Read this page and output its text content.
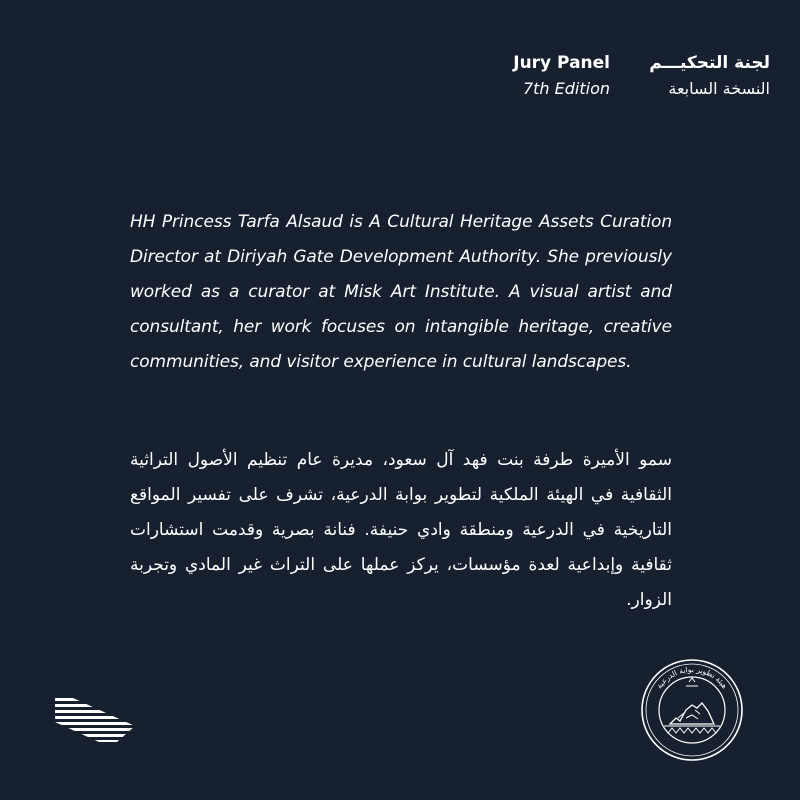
Jury Panel
7th Edition
لجنة التحكيـــم
النسخة السابعة

HH Princess Tarfa Alsaud is A Cultural Heritage Assets Curation Director at Diriyah Gate Development Authority. She previously worked as a curator at Misk Art Institute. A visual artist and consultant, her work focuses on intangible heritage, creative communities, and visitor experience in cultural landscapes.

سمو الأميرة طرفة بنت فهد آل سعود، مديرة عام تنظيم الأصول التراثية الثقافية في الهيئة الملكية لتطوير بوابة الدرعية، تشرف على تفسير المواقع التاريخية في الدرعية ومنطقة وادي حنيفة. فنانة بصرية وقدمت استشارات ثقافية وإبداعية لعدة مؤسسات، يركز عملها على التراث غير المادي وتجربة الزوار.

هيئة تطوير بوابة الدرعية
